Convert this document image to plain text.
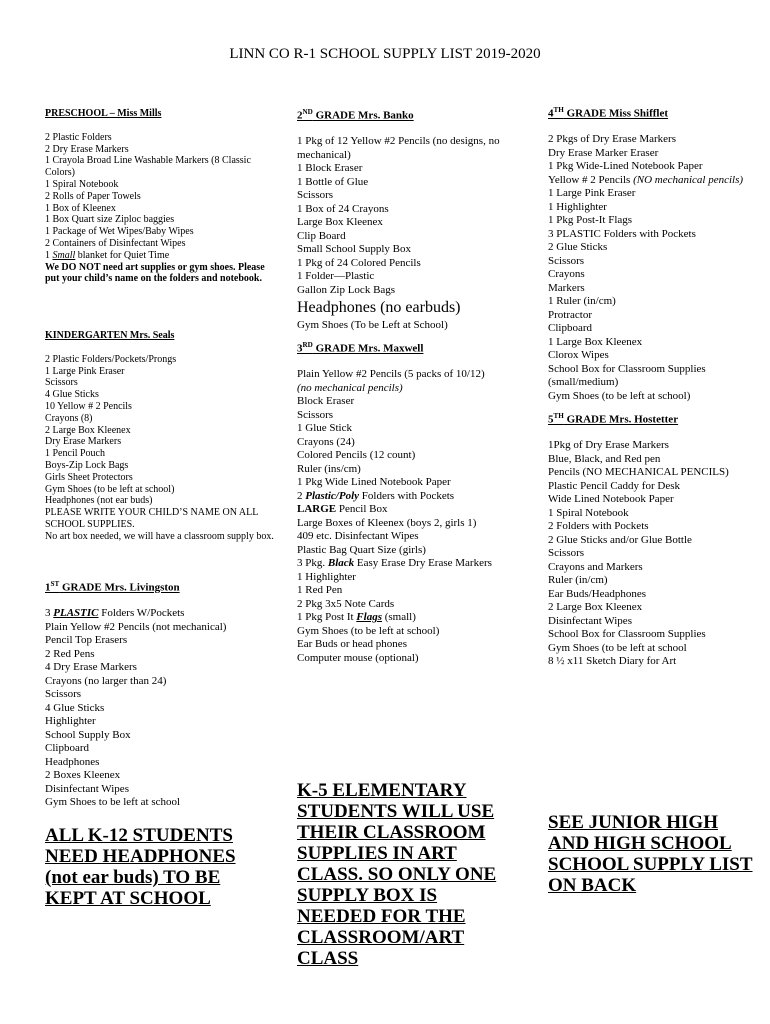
LINN CO R-1 SCHOOL SUPPLY LIST 2019-2020
PRESCHOOL – Miss Mills
2 Plastic Folders
2 Dry Erase Markers
1 Crayola Broad Line Washable Markers (8 Classic Colors)
1 Spiral Notebook
2 Rolls of Paper Towels
1 Box of Kleenex
1 Box Quart size Ziploc baggies
1 Package of Wet Wipes/Baby Wipes
2 Containers of Disinfectant Wipes
1 Small blanket for Quiet Time
We DO NOT need art supplies or gym shoes. Please put your child’s name on the folders and notebook.
KINDERGARTEN Mrs. Seals
2 Plastic Folders/Pockets/Prongs
1 Large Pink Eraser
Scissors
4 Glue Sticks
10 Yellow # 2 Pencils
Crayons (8)
2 Large Box Kleenex
Dry Erase Markers
1 Pencil Pouch
Boys-Zip Lock Bags
Girls Sheet Protectors
Gym Shoes (to be left at school)
Headphones (not ear buds)
PLEASE WRITE YOUR CHILD’S NAME ON ALL SCHOOL SUPPLIES.
No art box needed, we will have a classroom supply box.
1ST GRADE Mrs. Livingston
3 PLASTIC Folders W/Pockets
Plain Yellow #2 Pencils (not mechanical)
Pencil Top Erasers
2 Red Pens
4 Dry Erase Markers
Crayons (no larger than 24)
Scissors
4 Glue Sticks
Highlighter
School Supply Box
Clipboard
Headphones
2 Boxes Kleenex
Disinfectant Wipes
Gym Shoes to be left at school
ALL K-12 STUDENTS NEED HEADPHONES (not ear buds) TO BE KEPT AT SCHOOL
2ND GRADE Mrs. Banko
1 Pkg of 12 Yellow #2 Pencils (no designs, no mechanical)
1 Block Eraser
1 Bottle of Glue
Scissors
1 Box of 24 Crayons
Large Box Kleenex
Clip Board
Small School Supply Box
1 Pkg of 24 Colored Pencils
1 Folder—Plastic
Gallon Zip Lock Bags
Headphones (no earbuds)
Gym Shoes (To be Left at School)
3RD GRADE Mrs. Maxwell
Plain Yellow #2 Pencils (5 packs of 10/12)
(no mechanical pencils)
Block Eraser
Scissors
1 Glue Stick
Crayons (24)
Colored Pencils (12 count)
Ruler (ins/cm)
1 Pkg Wide Lined Notebook Paper
2 Plastic/Poly Folders with Pockets
LARGE Pencil Box
Large Boxes of Kleenex (boys 2, girls 1)
409 etc. Disinfectant Wipes
Plastic Bag Quart Size (girls)
3 Pkg. Black Easy Erase Dry Erase Markers
1 Highlighter
1 Red Pen
2 Pkg 3x5 Note Cards
1 Pkg Post It Flags (small)
Gym Shoes (to be left at school)
Ear Buds or head phones
Computer mouse (optional)
K-5 ELEMENTARY STUDENTS WILL USE THEIR CLASSROOM SUPPLIES IN ART CLASS. SO ONLY ONE SUPPLY BOX IS NEEDED FOR THE CLASSROOM/ART CLASS
4TH GRADE Miss Shifflet
2 Pkgs of Dry Erase Markers
Dry Erase Marker Eraser
1 Pkg Wide-Lined Notebook Paper
Yellow # 2 Pencils (NO mechanical pencils)
1 Large Pink Eraser
1 Highlighter
1 Pkg Post-It Flags
3 PLASTIC Folders with Pockets
2 Glue Sticks
Scissors
Crayons
Markers
1 Ruler (in/cm)
Protractor
Clipboard
1 Large Box Kleenex
Clorox Wipes
School Box for Classroom Supplies (small/medium)
Gym Shoes (to be left at school)
5TH GRADE Mrs. Hostetter
1Pkg of Dry Erase Markers
Blue, Black, and Red pen
Pencils (NO MECHANICAL PENCILS)
Plastic Pencil Caddy for Desk
Wide Lined Notebook Paper
1 Spiral Notebook
2 Folders with Pockets
2 Glue Sticks and/or Glue Bottle
Scissors
Crayons and Markers
Ruler (in/cm)
Ear Buds/Headphones
2 Large Box Kleenex
Disinfectant Wipes
School Box for Classroom Supplies
Gym Shoes (to be left at school
8 ½ x11 Sketch Diary for Art
SEE JUNIOR HIGH AND HIGH SCHOOL SCHOOL SUPPLY LIST ON BACK
